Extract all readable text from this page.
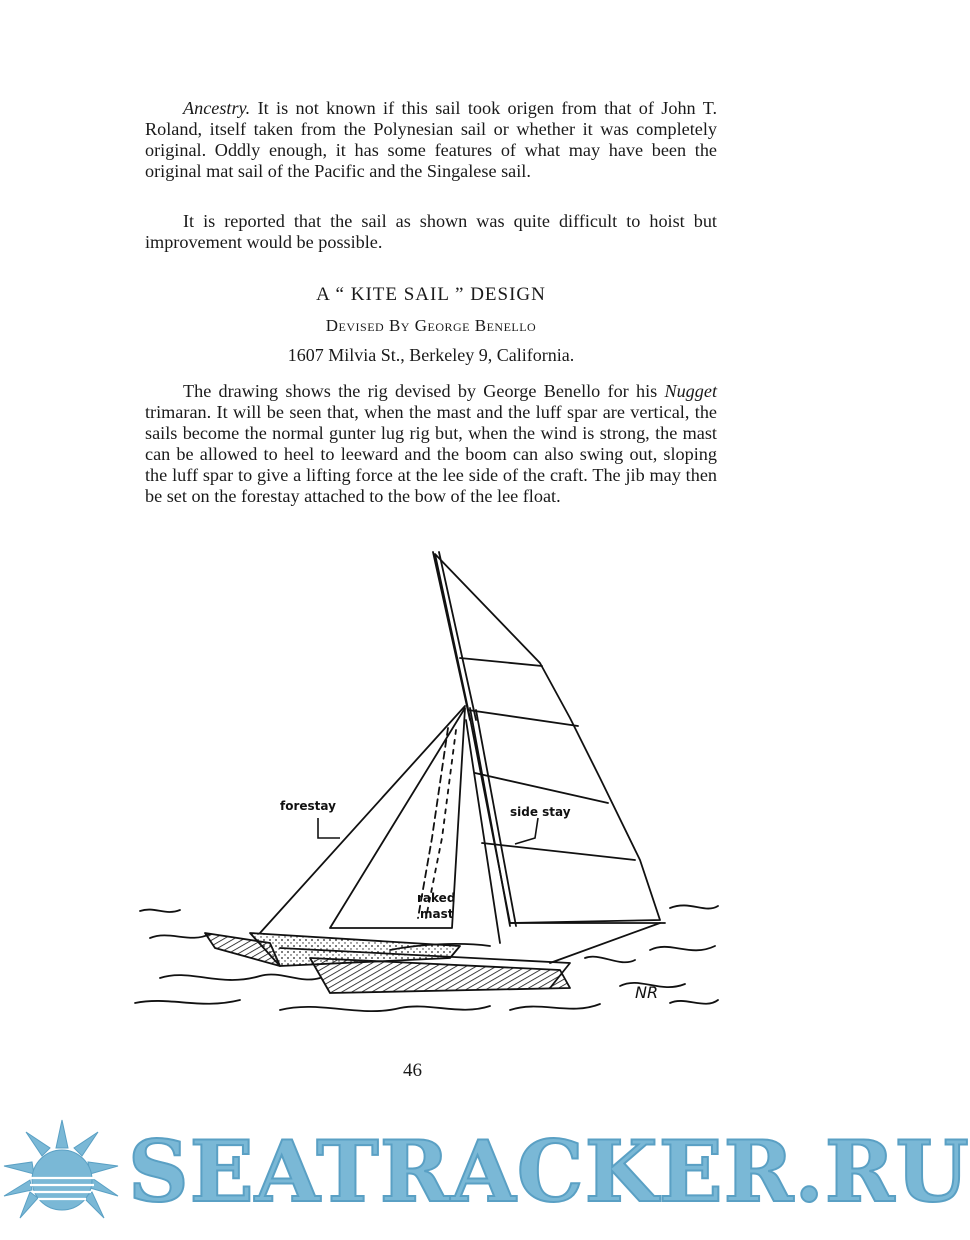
Ancestry. It is not known if this sail took origen from that of John T. Roland, itself taken from the Polynesian sail or whether it was completely original. Oddly enough, it has some features of what may have been the original mat sail of the Pacific and the Singalese sail.

It is reported that the sail as shown was quite difficult to hoist but improvement would be possible.

A “ KITE SAIL ” DESIGN
Devised By George Benello
1607 Milvia St., Berkeley 9, California.

The drawing shows the rig devised by George Benello for his Nugget trimaran. It will be seen that, when the mast and the luff spar are vertical, the sails become the normal gunter lug rig but, when the wind is strong, the mast can be allowed to heel to leeward and the boom can also swing out, sloping the luff spar to give a lifting force at the lee side of the craft. The jib may then be set on the forestay attached to the bow of the lee float.

forestay	side stay
raked
mast
NR
46
SEATRACKER.RU
